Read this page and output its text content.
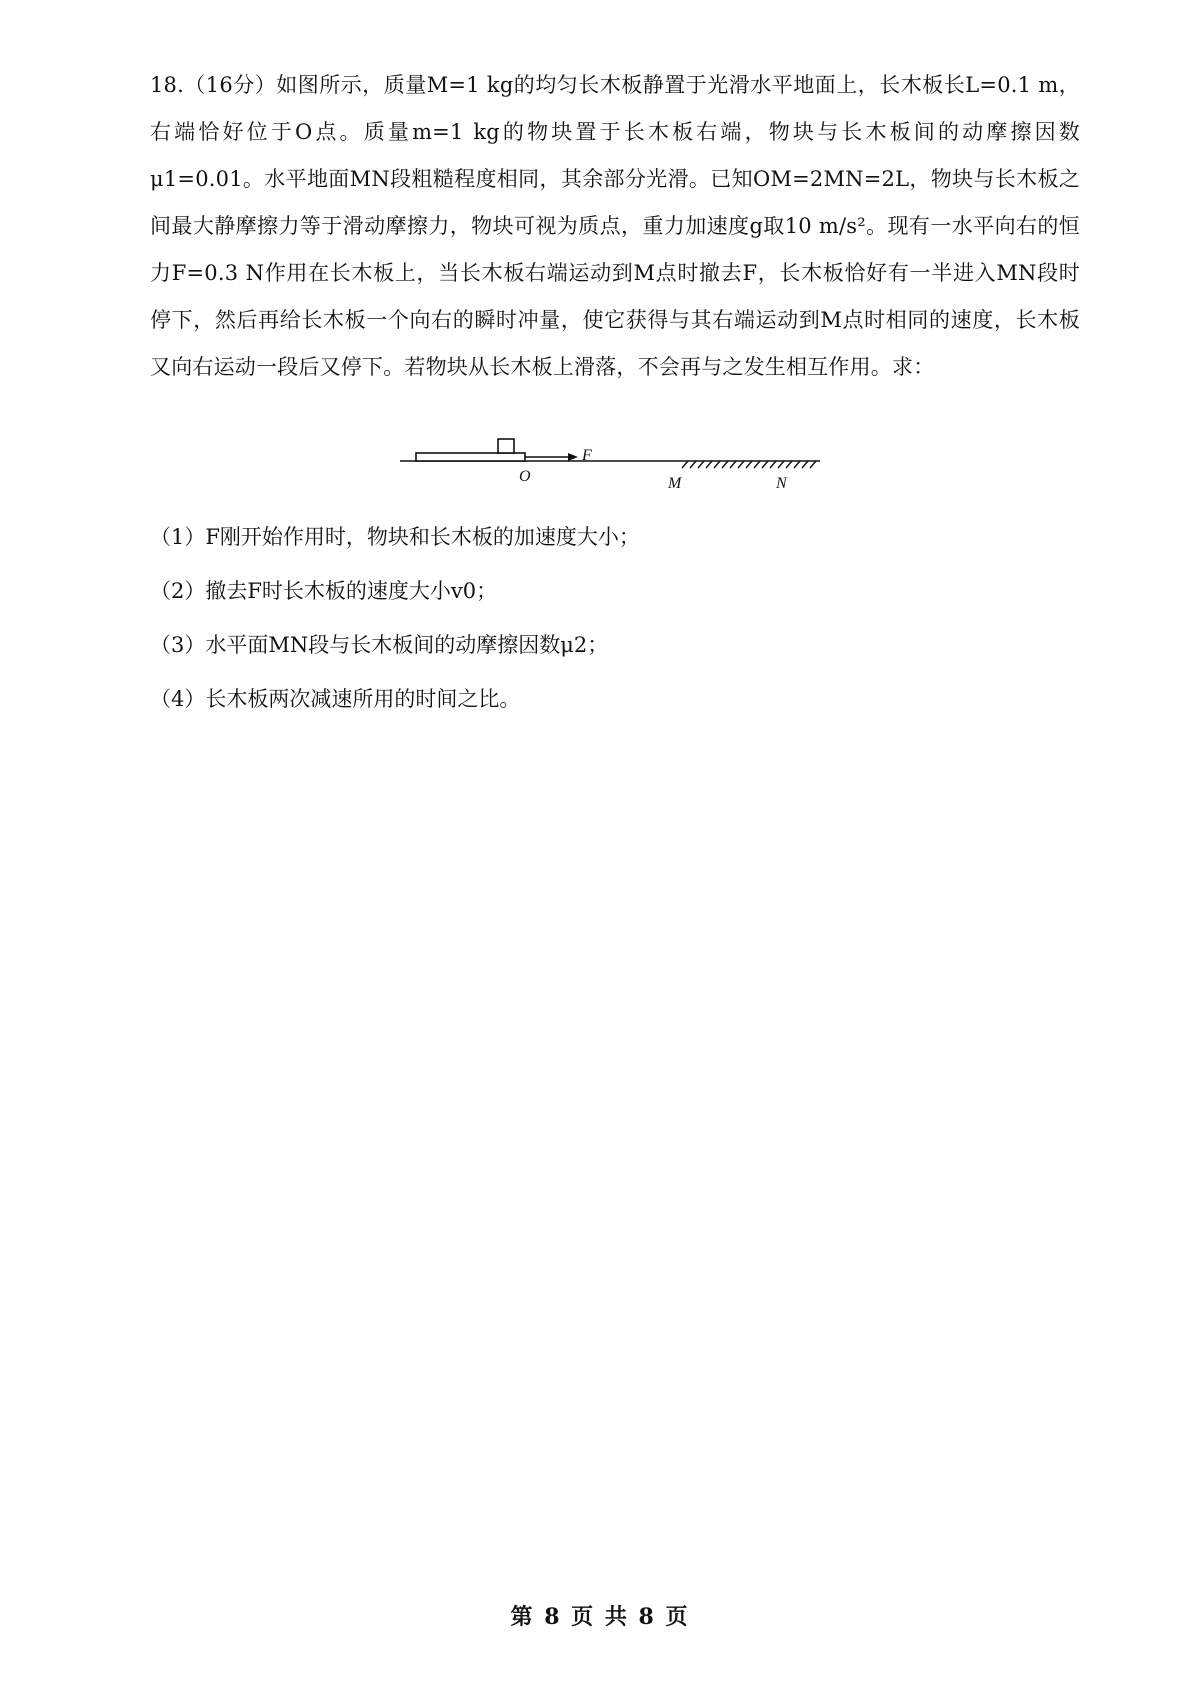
18.（16分）如图所示，质量M=1 kg的均匀长木板静置于光滑水平地面上，长木板长L=0.1 m，右端恰好位于O点。质量m=1 kg的物块置于长木板右端，物块与长木板间的动摩擦因数μ1=0.01。水平地面MN段粗糙程度相同，其余部分光滑。已知OM=2MN=2L，物块与长木板之间最大静摩擦力等于滑动摩擦力，物块可视为质点，重力加速度g取10 m/s²。现有一水平向右的恒力F=0.3 N作用在长木板上，当长木板右端运动到M点时撤去F，长木板恰好有一半进入MN段时停下，然后再给长木板一个向右的瞬时冲量，使它获得与其右端运动到M点时相同的速度，长木板又向右运动一段后又停下。若物块从长木板上滑落，不会再与之发生相互作用。求：

F
O	M	N
（1）F刚开始作用时，物块和长木板的加速度大小；
（2）撤去F时长木板的速度大小v0；
（3）水平面MN段与长木板间的动摩擦因数μ2；
（4）长木板两次减速所用的时间之比。
第 8 页 共 8 页
